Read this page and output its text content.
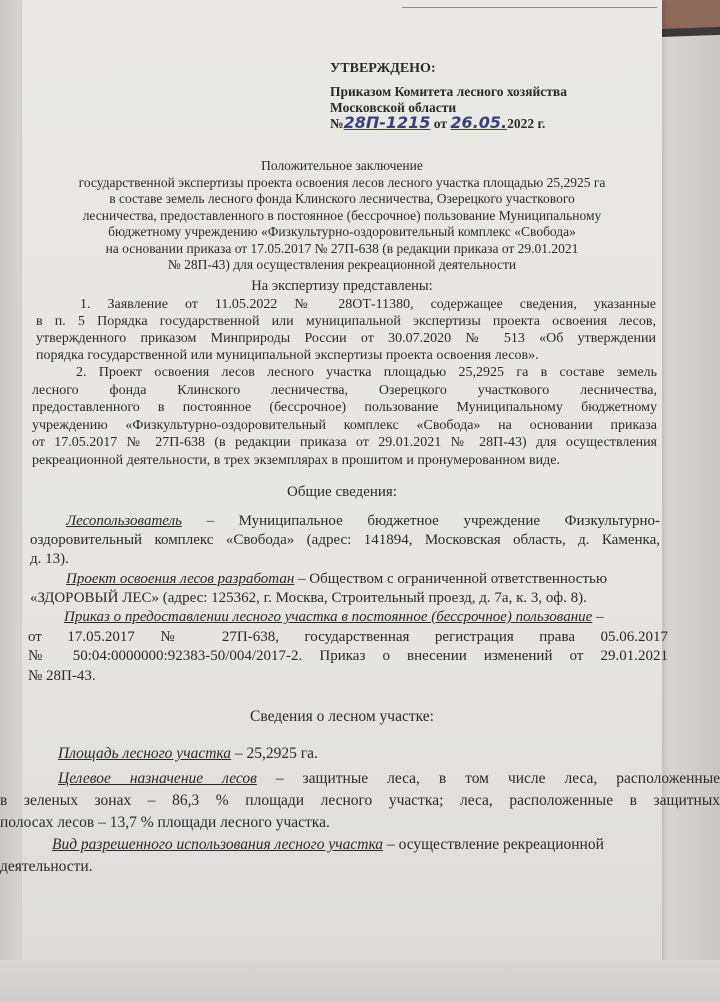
УТВЕРЖДЕНО:
Приказом Комитета лесного хозяйства
Московской области
№28П-1215 от 26.05.2022 г.
Положительное заключение
государственной экспертизы проекта освоения лесов лесного участка площадью 25,2925 га
в составе земель лесного фонда Клинского лесничества, Озерецкого участкового
лесничества, предоставленного в постоянное (бессрочное) пользование Муниципальному
бюджетному учреждению «Физкультурно-оздоровительный комплекс «Свобода»
на основании приказа от 17.05.2017 № 27П-638 (в редакции приказа от 29.01.2021
№ 28П-43) для осуществления рекреационной деятельности
На экспертизу представлены:
1. Заявление от 11.05.2022 № 28ОТ-11380, содержащее сведения, указанные
в п. 5 Порядка государственной или муниципальной экспертизы проекта освоения лесов,
утвержденного приказом Минприроды России от 30.07.2020 № 513 «Об утверждении
порядка государственной или муниципальной экспертизы проекта освоения лесов».
2. Проект освоения лесов лесного участка площадью 25,2925 га в составе земель
лесного фонда Клинского лесничества, Озерецкого участкового лесничества,
предоставленного в постоянное (бессрочное) пользование Муниципальному бюджетному
учреждению «Физкультурно-оздоровительный комплекс «Свобода» на основании приказа
от 17.05.2017 № 27П-638 (в редакции приказа от 29.01.2021 № 28П-43) для осуществления
рекреационной деятельности, в трех экземплярах в прошитом и пронумерованном виде.
Общие сведения:
Лесопользователь – Муниципальное бюджетное учреждение Физкультурно-
оздоровительный комплекс «Свобода» (адрес: 141894, Московская область, д. Каменка,
д. 13).
Проект освоения лесов разработан – Обществом с ограниченной ответственностью
«ЗДОРОВЫЙ ЛЕС» (адрес: 125362, г. Москва, Строительный проезд, д. 7а, к. 3, оф. 8).
Приказ о предоставлении лесного участка в постоянное (бессрочное) пользование –
от 17.05.2017 № 27П-638, государственная регистрация права 05.06.2017
№ 50:04:0000000:92383-50/004/2017-2. Приказ о внесении изменений от 29.01.2021
№ 28П-43.
Сведения о лесном участке:
Площадь лесного участка – 25,2925 га.
Целевое назначение лесов – защитные леса, в том числе леса, расположенные
в зеленых зонах – 86,3 % площади лесного участка; леса, расположенные в защитных
полосах лесов – 13,7 % площади лесного участка.
Вид разрешенного использования лесного участка – осуществление рекреационной
деятельности.
